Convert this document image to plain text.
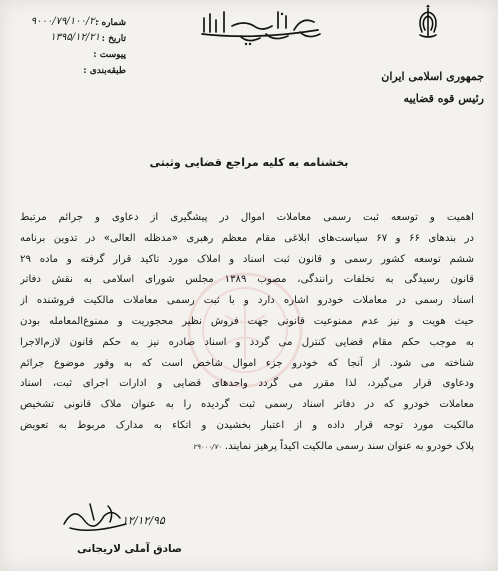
جمهوری اسلامی ایران
رئیس قوه قضاییه
شماره :
۹۰۰۰/۷۹/۱۰۰/۲۰
تاریخ :
۱۳۹۵/۱۲/۲۱
پیوست :
طبقه‌بندی :
بخشنامه به کلیه مراجع قضایی وثبتی
اهمیت و توسعه ثبت رسمی معاملات اموال در پیشگیری از دعاوی و جرائم مرتبط
در بندهای ۶۶ و ۶۷ سیاست‌های ابلاغی مقام معظم رهبری «مدظله العالی» در تدوین برنامه
ششم توسعه کشور رسمی و قانون ثبت اسناد و املاک مورد تاکید قرار گرفته و ماده ۲۹
قانون رسیدگی به تخلفات رانندگی، مصوب ۱۳۸۹ مجلس شورای اسلامی به نقش دفاتر
اسناد رسمی در معاملات خودرو اشاره دارد و با ثبت رسمی معاملات مالکیت فروشنده از
حیث هویت و نیز عدم ممنوعیت قانونی جهت فروش نظیر محجوریت و ممنوع‌المعامله بودن
به موجب حکم مقام قضایی کنترل می گردد و اسناد صادره نیز به حکم قانون لازم‌الاجرا
شناخته می شود. از آنجا که خودرو جزء اموال شاخص است که به وفور موضوع جرائم
ودعاوی قرار می‌گیرد، لذا مقرر می گردد واحدهای قضایی و ادارات اجرای ثبت، اسناد
معاملات خودرو که در دفاتر اسناد رسمی ثبت گردیده را به عنوان ملاک قانونی تشخیص
مالکیت مورد توجه قرار داده و از اعتبار بخشیدن و اتکاء به مدارک مربوط به تعویض
پلاک خودرو به عنوان سند رسمی مالکیت اکیداً پرهیز نمایند. ۲۹۰۰۰/۷۰
۱۲/۱۲/۹۵
صادق آملی لاریجانی
